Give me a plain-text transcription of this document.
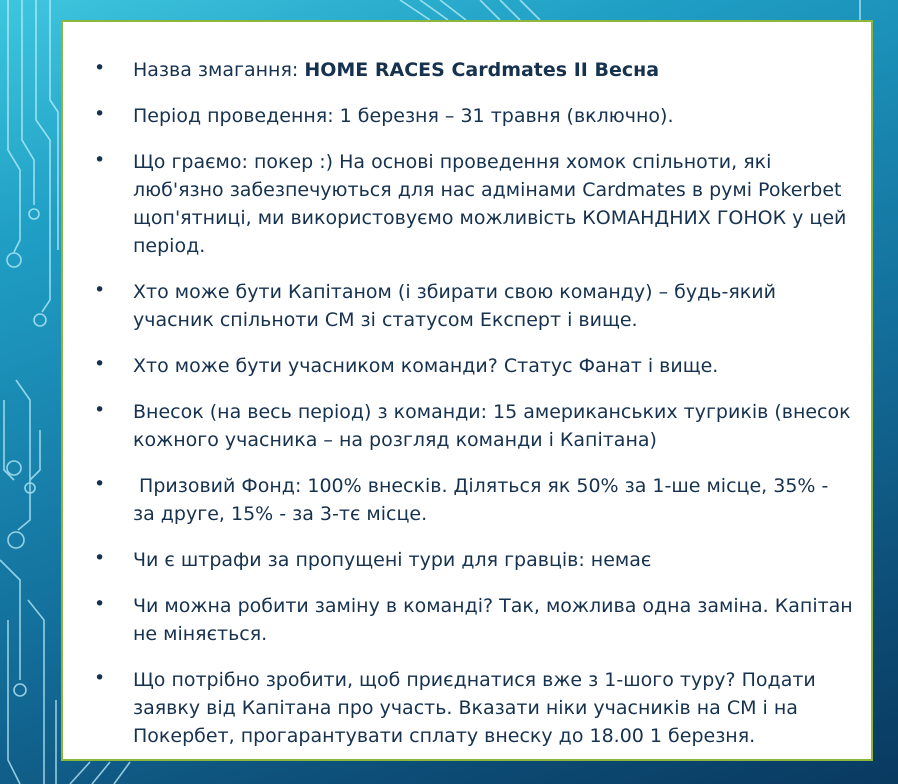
• Назва змагання: HOME RACES Cardmates II Весна
• Період проведення: 1 березня – 31 травня (включно).
• Що граємо: покер :) На основі проведення хомок спільноти, які люб'язно забезпечуються для нас адмінами Cardmates в румі Pokerbet щоп'ятниці, ми використовуємо можливість КОМАНДНИХ ГОНОК у цей період.
• Хто може бути Капітаном (і збирати свою команду) – будь-який учасник спільноти СМ зі статусом Експерт і вище.
• Хто може бути учасником команди? Статус Фанат і вище.
• Внесок (на весь період) з команди: 15 американських тугриків (внесок кожного учасника – на розгляд команди і Капітана)
• Призовий Фонд: 100% внесків. Діляться як 50% за 1-ше місце, 35% - за друге, 15% - за 3-тє місце.
• Чи є штрафи за пропущені тури для гравців: немає
• Чи можна робити заміну в команді? Так, можлива одна заміна. Капітан не міняється.
• Що потрібно зробити, щоб приєднатися вже з 1-шого туру? Подати заявку від Капітана про участь. Вказати ніки учасників на СМ і на Покербет, прогарантувати сплату внеску до 18.00 1 березня.
